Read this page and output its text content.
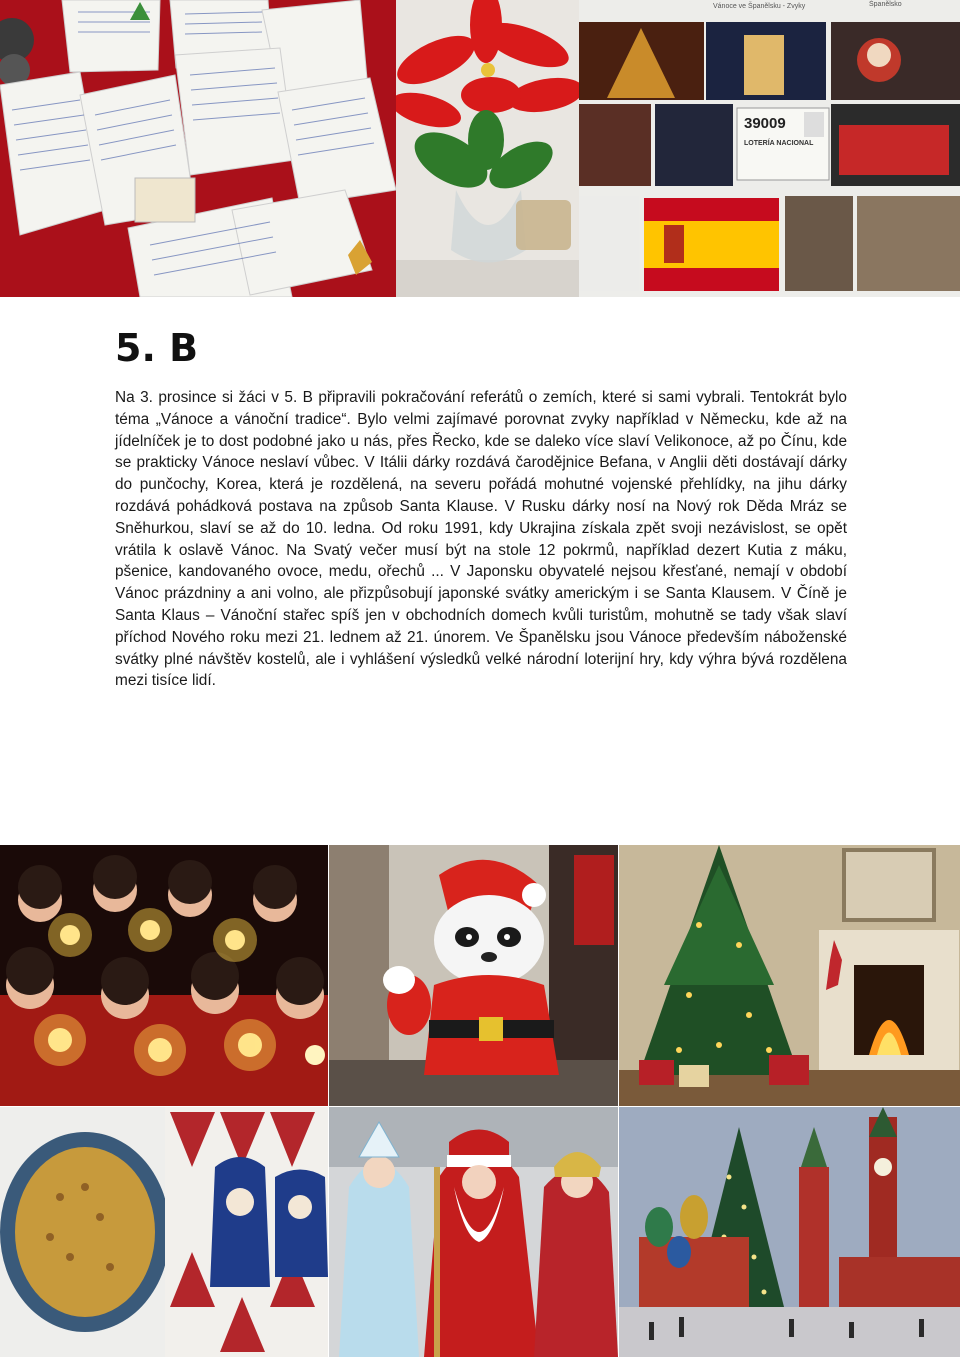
39009
LOTERÍA NACIONAL
Vánoce ve Španělsku - Zvyky	Španělsko
5. B

Na 3. prosince si žáci v 5. B připravili pokračování referátů o zemích, které si sami vybrali. Tentokrát bylo téma „Vánoce a vánoční tradice“. Bylo velmi zajímavé porovnat zvyky například v Německu, kde až na jídelníček je to dost podobné jako u nás, přes Řecko, kde se daleko více slaví Velikonoce, až po Čínu, kde se prakticky Vánoce neslaví vůbec. V Itálii dárky rozdává čarodějnice Befana, v Anglii děti dostávají dárky do punčochy, Korea, která je rozdělená, na severu pořádá mohutné vojenské přehlídky, na jihu dárky rozdává pohádková postava na způsob Santa Klause. V Rusku dárky nosí na Nový rok Děda Mráz se Sněhurkou, slaví se až do 10. ledna. Od roku 1991, kdy Ukrajina získala zpět svoji nezávislost, se opět vrátila k oslavě Vánoc. Na Svatý večer musí být na stole 12 pokrmů, například dezert Kutia z máku, pšenice, kandovaného ovoce, medu, ořechů ... V Japonsku obyvatelé nejsou křesťané, nemají v období Vánoc prázdniny a ani volno, ale přizpůsobují japonské svátky americkým i se Santa Klausem. V Číně je Santa Klaus – Vánoční stařec spíš jen v obchodních domech kvůli turistům, mohutně se tady však slaví příchod Nového roku mezi 21. lednem až 21. únorem. Ve Španělsku jsou Vánoce především náboženské svátky plné návštěv kostelů, ale i vyhlášení výsledků velké národní loterijní hry, kdy výhra bývá rozdělena mezi tisíce lidí.
